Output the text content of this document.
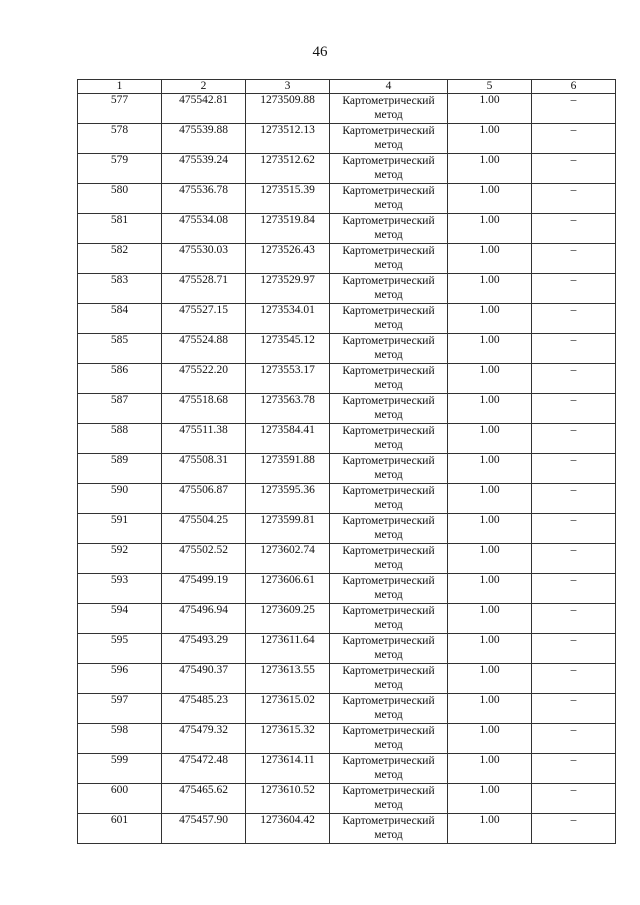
46
1	2	3	4	5	6
577	475542.81	1273509.88	Картометрический метод	1.00	–
578	475539.88	1273512.13	Картометрический метод	1.00	–
579	475539.24	1273512.62	Картометрический метод	1.00	–
580	475536.78	1273515.39	Картометрический метод	1.00	–
581	475534.08	1273519.84	Картометрический метод	1.00	–
582	475530.03	1273526.43	Картометрический метод	1.00	–
583	475528.71	1273529.97	Картометрический метод	1.00	–
584	475527.15	1273534.01	Картометрический метод	1.00	–
585	475524.88	1273545.12	Картометрический метод	1.00	–
586	475522.20	1273553.17	Картометрический метод	1.00	–
587	475518.68	1273563.78	Картометрический метод	1.00	–
588	475511.38	1273584.41	Картометрический метод	1.00	–
589	475508.31	1273591.88	Картометрический метод	1.00	–
590	475506.87	1273595.36	Картометрический метод	1.00	–
591	475504.25	1273599.81	Картометрический метод	1.00	–
592	475502.52	1273602.74	Картометрический метод	1.00	–
593	475499.19	1273606.61	Картометрический метод	1.00	–
594	475496.94	1273609.25	Картометрический метод	1.00	–
595	475493.29	1273611.64	Картометрический метод	1.00	–
596	475490.37	1273613.55	Картометрический метод	1.00	–
597	475485.23	1273615.02	Картометрический метод	1.00	–
598	475479.32	1273615.32	Картометрический метод	1.00	–
599	475472.48	1273614.11	Картометрический метод	1.00	–
600	475465.62	1273610.52	Картометрический метод	1.00	–
601	475457.90	1273604.42	Картометрический метод	1.00	–
